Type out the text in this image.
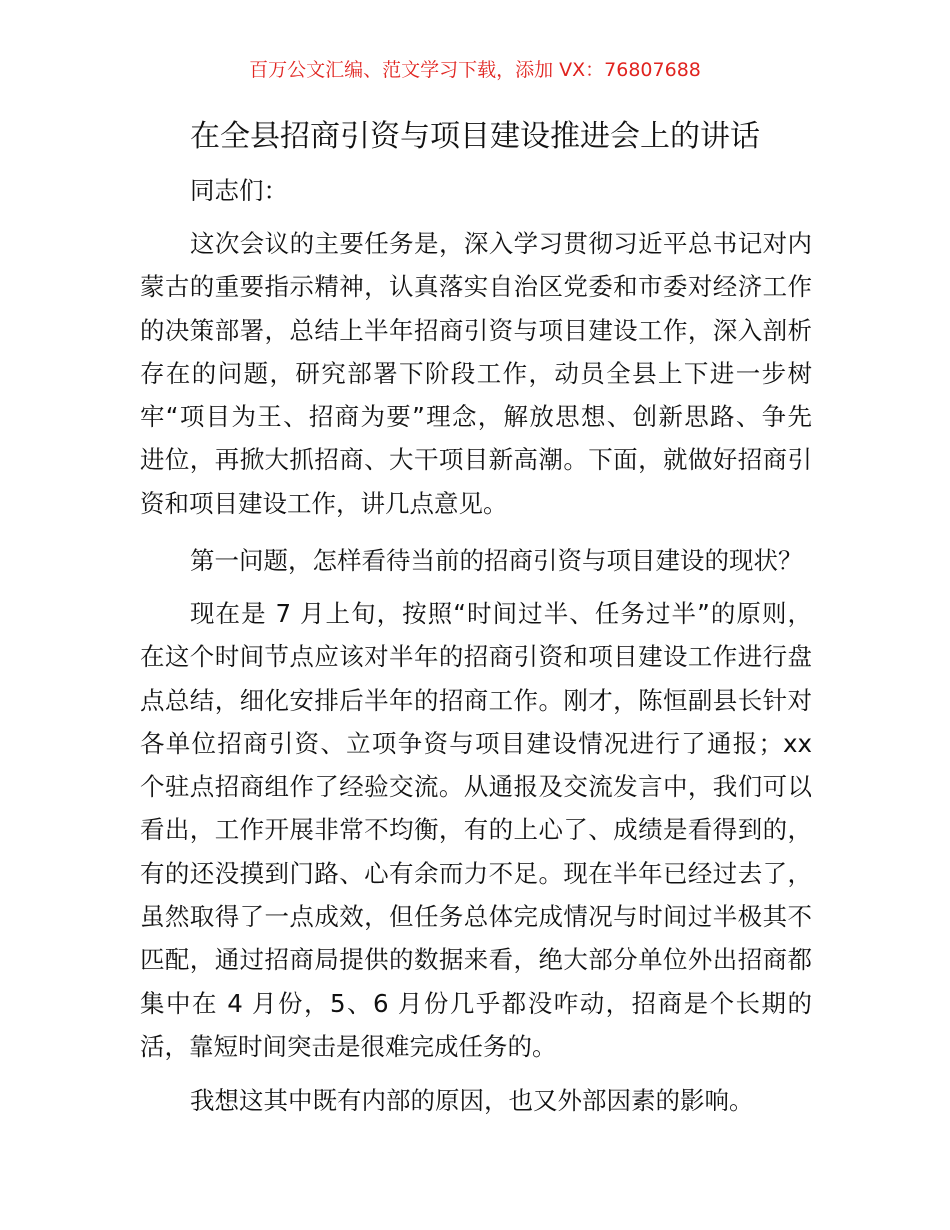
百万公文汇编、范文学习下载，添加 VX：76807688
在全县招商引资与项目建设推进会上的讲话
同志们：
这次会议的主要任务是，深入学习贯彻习近平总书记对内
蒙古的重要指示精神，认真落实自治区党委和市委对经济工作
的决策部署，总结上半年招商引资与项目建设工作，深入剖析
存在的问题，研究部署下阶段工作，动员全县上下进一步树
牢“项目为王、招商为要”理念，解放思想、创新思路、争先
进位，再掀大抓招商、大干项目新高潮。下面，就做好招商引
资和项目建设工作，讲几点意见。
第一问题，怎样看待当前的招商引资与项目建设的现状？
现在是 7 月上旬，按照“时间过半、任务过半”的原则，
在这个时间节点应该对半年的招商引资和项目建设工作进行盘
点总结，细化安排后半年的招商工作。刚才，陈恒副县长针对
各单位招商引资、立项争资与项目建设情况进行了通报；xx
个驻点招商组作了经验交流。从通报及交流发言中，我们可以
看出，工作开展非常不均衡，有的上心了、成绩是看得到的，
有的还没摸到门路、心有余而力不足。现在半年已经过去了，
虽然取得了一点成效，但任务总体完成情况与时间过半极其不
匹配，通过招商局提供的数据来看，绝大部分单位外出招商都
集中在 4 月份，5、6 月份几乎都没咋动，招商是个长期的
活，靠短时间突击是很难完成任务的。
我想这其中既有内部的原因，也又外部因素的影响。
